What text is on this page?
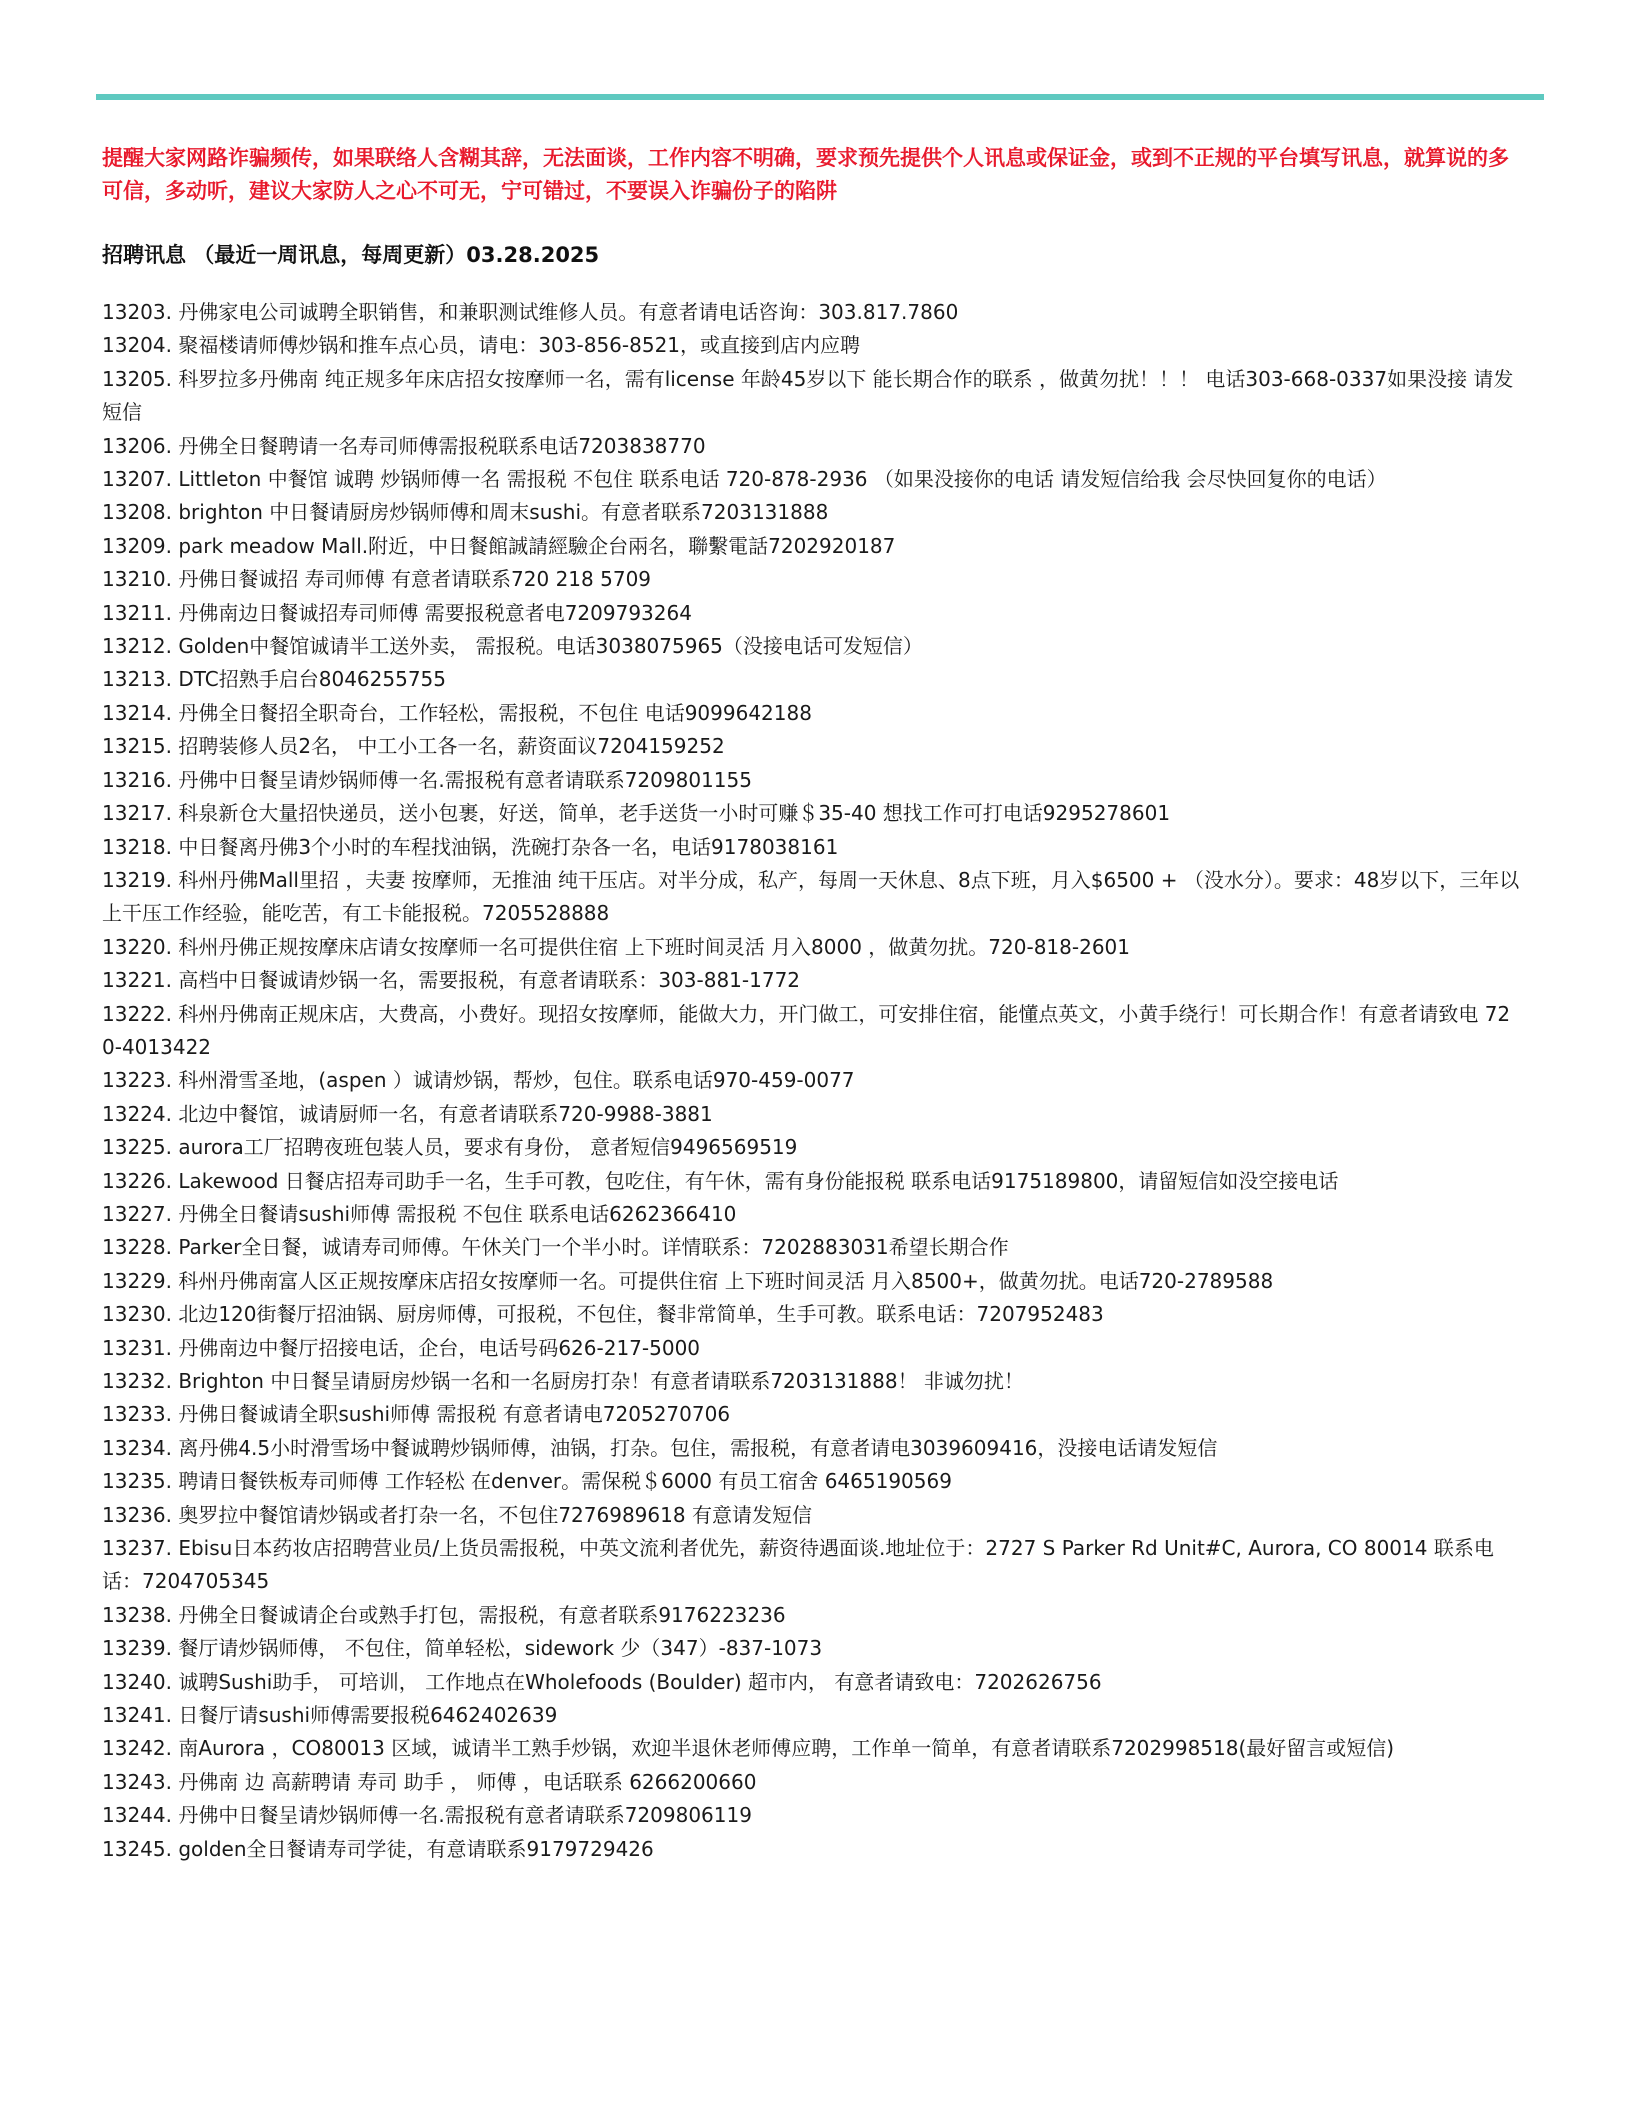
提醒大家网路诈骗频传，如果联络人含糊其辞，无法面谈，工作内容不明确，要求预先提供个人讯息或保证金，或到不正规的平台填写讯息，就算说的多可信，多动听，建议大家防人之心不可无，宁可错过，不要误入诈骗份子的陷阱

招聘讯息 （最近一周讯息，每周更新）03.28.2025

13203. 丹佛家电公司诚聘全职销售，和兼职测试维修人员。有意者请电话咨询：303.817.7860

13204. 聚福楼请师傅炒锅和推车点心员，请电：303-856-8521，或直接到店内应聘

13205. 科罗拉多丹佛南 纯正规多年床店招女按摩师一名，需有license 年龄45岁以下 能长期合作的联系 ，做黄勿扰！！！ 电话303-668-0337如果没接 请发短信

13206. 丹佛全日餐聘请一名寿司师傅需报税联系电话7203838770

13207. Littleton 中餐馆 诚聘 炒锅师傅一名 需报税 不包住 联系电话 720-878-2936 （如果没接你的电话 请发短信给我 会尽快回复你的电话）

13208. brighton 中日餐请厨房炒锅师傅和周末sushi。有意者联系7203131888

13209. park meadow Mall.附近，中日餐館誠請經驗企台兩名，聯繫電話7202920187

13210. 丹佛日餐诚招 寿司师傅 有意者请联系720 218 5709

13211. 丹佛南边日餐诚招寿司师傅 需要报税意者电7209793264

13212. Golden中餐馆诚请半工送外卖， 需报税。电话3038075965（没接电话可发短信）

13213. DTC招熟手启台8046255755

13214. 丹佛全日餐招全职奇台，工作轻松，需报税，不包住 电话9099642188

13215. 招聘装修人员2名， 中工小工各一名，薪资面议7204159252

13216. 丹佛中日餐呈请炒锅师傅一名.需报税有意者请联系7209801155

13217. 科泉新仓大量招快递员，送小包裹，好送，简单，老手送货一小时可赚＄35-40 想找工作可打电话9295278601

13218. 中日餐离丹佛3个小时的车程找油锅，洗碗打杂各一名，电话9178038161

13219. 科州丹佛Mall里招 ，夫妻 按摩师，无推油 纯干压店。对半分成，私产，每周一天休息、8点下班，月入$6500 + （没水分）。要求：48岁以下，三年以上干压工作经验，能吃苦，有工卡能报税。7205528888

13220. 科州丹佛正规按摩床店请女按摩师一名可提供住宿 上下班时间灵活 月入8000 ，做黄勿扰。720-818-2601

13221. 高档中日餐诚请炒锅一名，需要报税，有意者请联系：303-881-1772

13222. 科州丹佛南正规床店，大费高，小费好。现招女按摩师，能做大力，开门做工，可安排住宿，能懂点英文，小黄手绕行！可长期合作！有意者请致电 720-4013422

13223. 科州滑雪圣地，(aspen ）诚请炒锅，帮炒，包住。联系电话970-459-0077

13224. 北边中餐馆，诚请厨师一名，有意者请联系720-9988-3881

13225. aurora工厂招聘夜班包装人员，要求有身份， 意者短信9496569519

13226. Lakewood 日餐店招寿司助手一名，生手可教，包吃住，有午休，需有身份能报税 联系电话9175189800，请留短信如没空接电话

13227. 丹佛全日餐请sushi师傅 需报税 不包住 联系电话6262366410

13228. Parker全日餐，诚请寿司师傅。午休关门一个半小时。详情联系：7202883031希望长期合作

13229. 科州丹佛南富人区正规按摩床店招女按摩师一名。可提供住宿 上下班时间灵活 月入8500+，做黄勿扰。电话720-2789588

13230. 北边120街餐厅招油锅、厨房师傅，可报税，不包住，餐非常简单，生手可教。联系电话：7207952483

13231. 丹佛南边中餐厅招接电话，企台，电话号码626-217-5000

13232. Brighton 中日餐呈请厨房炒锅一名和一名厨房打杂！有意者请联系7203131888！ 非诚勿扰！

13233. 丹佛日餐诚请全职sushi师傅 需报税 有意者请电7205270706

13234. 离丹佛4.5小时滑雪场中餐诚聘炒锅师傅，油锅，打杂。包住，需报税，有意者请电3039609416，没接电话请发短信

13235. 聘请日餐铁板寿司师傅 工作轻松 在denver。需保税＄6000 有员工宿舍 6465190569

13236. 奥罗拉中餐馆请炒锅或者打杂一名，不包住7276989618 有意请发短信

13237. Ebisu日本药妆店招聘营业员/上货员需报税，中英文流利者优先，薪资待遇面谈.地址位于：2727 S Parker Rd Unit#C, Aurora, CO 80014 联系电话：7204705345

13238. 丹佛全日餐诚请企台或熟手打包，需报税，有意者联系9176223236

13239. 餐厅请炒锅师傅， 不包住，简单轻松，sidework 少（347）-837-1073

13240. 诚聘Sushi助手， 可培训， 工作地点在Wholefoods (Boulder) 超市内， 有意者请致电：7202626756

13241. 日餐厅请sushi师傅需要报税6462402639

13242. 南Aurora ，CO80013 区域，诚请半工熟手炒锅，欢迎半退休老师傅应聘，工作单一简单，有意者请联系7202998518(最好留言或短信)

13243. 丹佛南 边 高薪聘请 寿司 助手 ， 师傅 ，电话联系 6266200660

13244. 丹佛中日餐呈请炒锅师傅一名.需报税有意者请联系7209806119

13245. golden全日餐请寿司学徒，有意请联系9179729426
